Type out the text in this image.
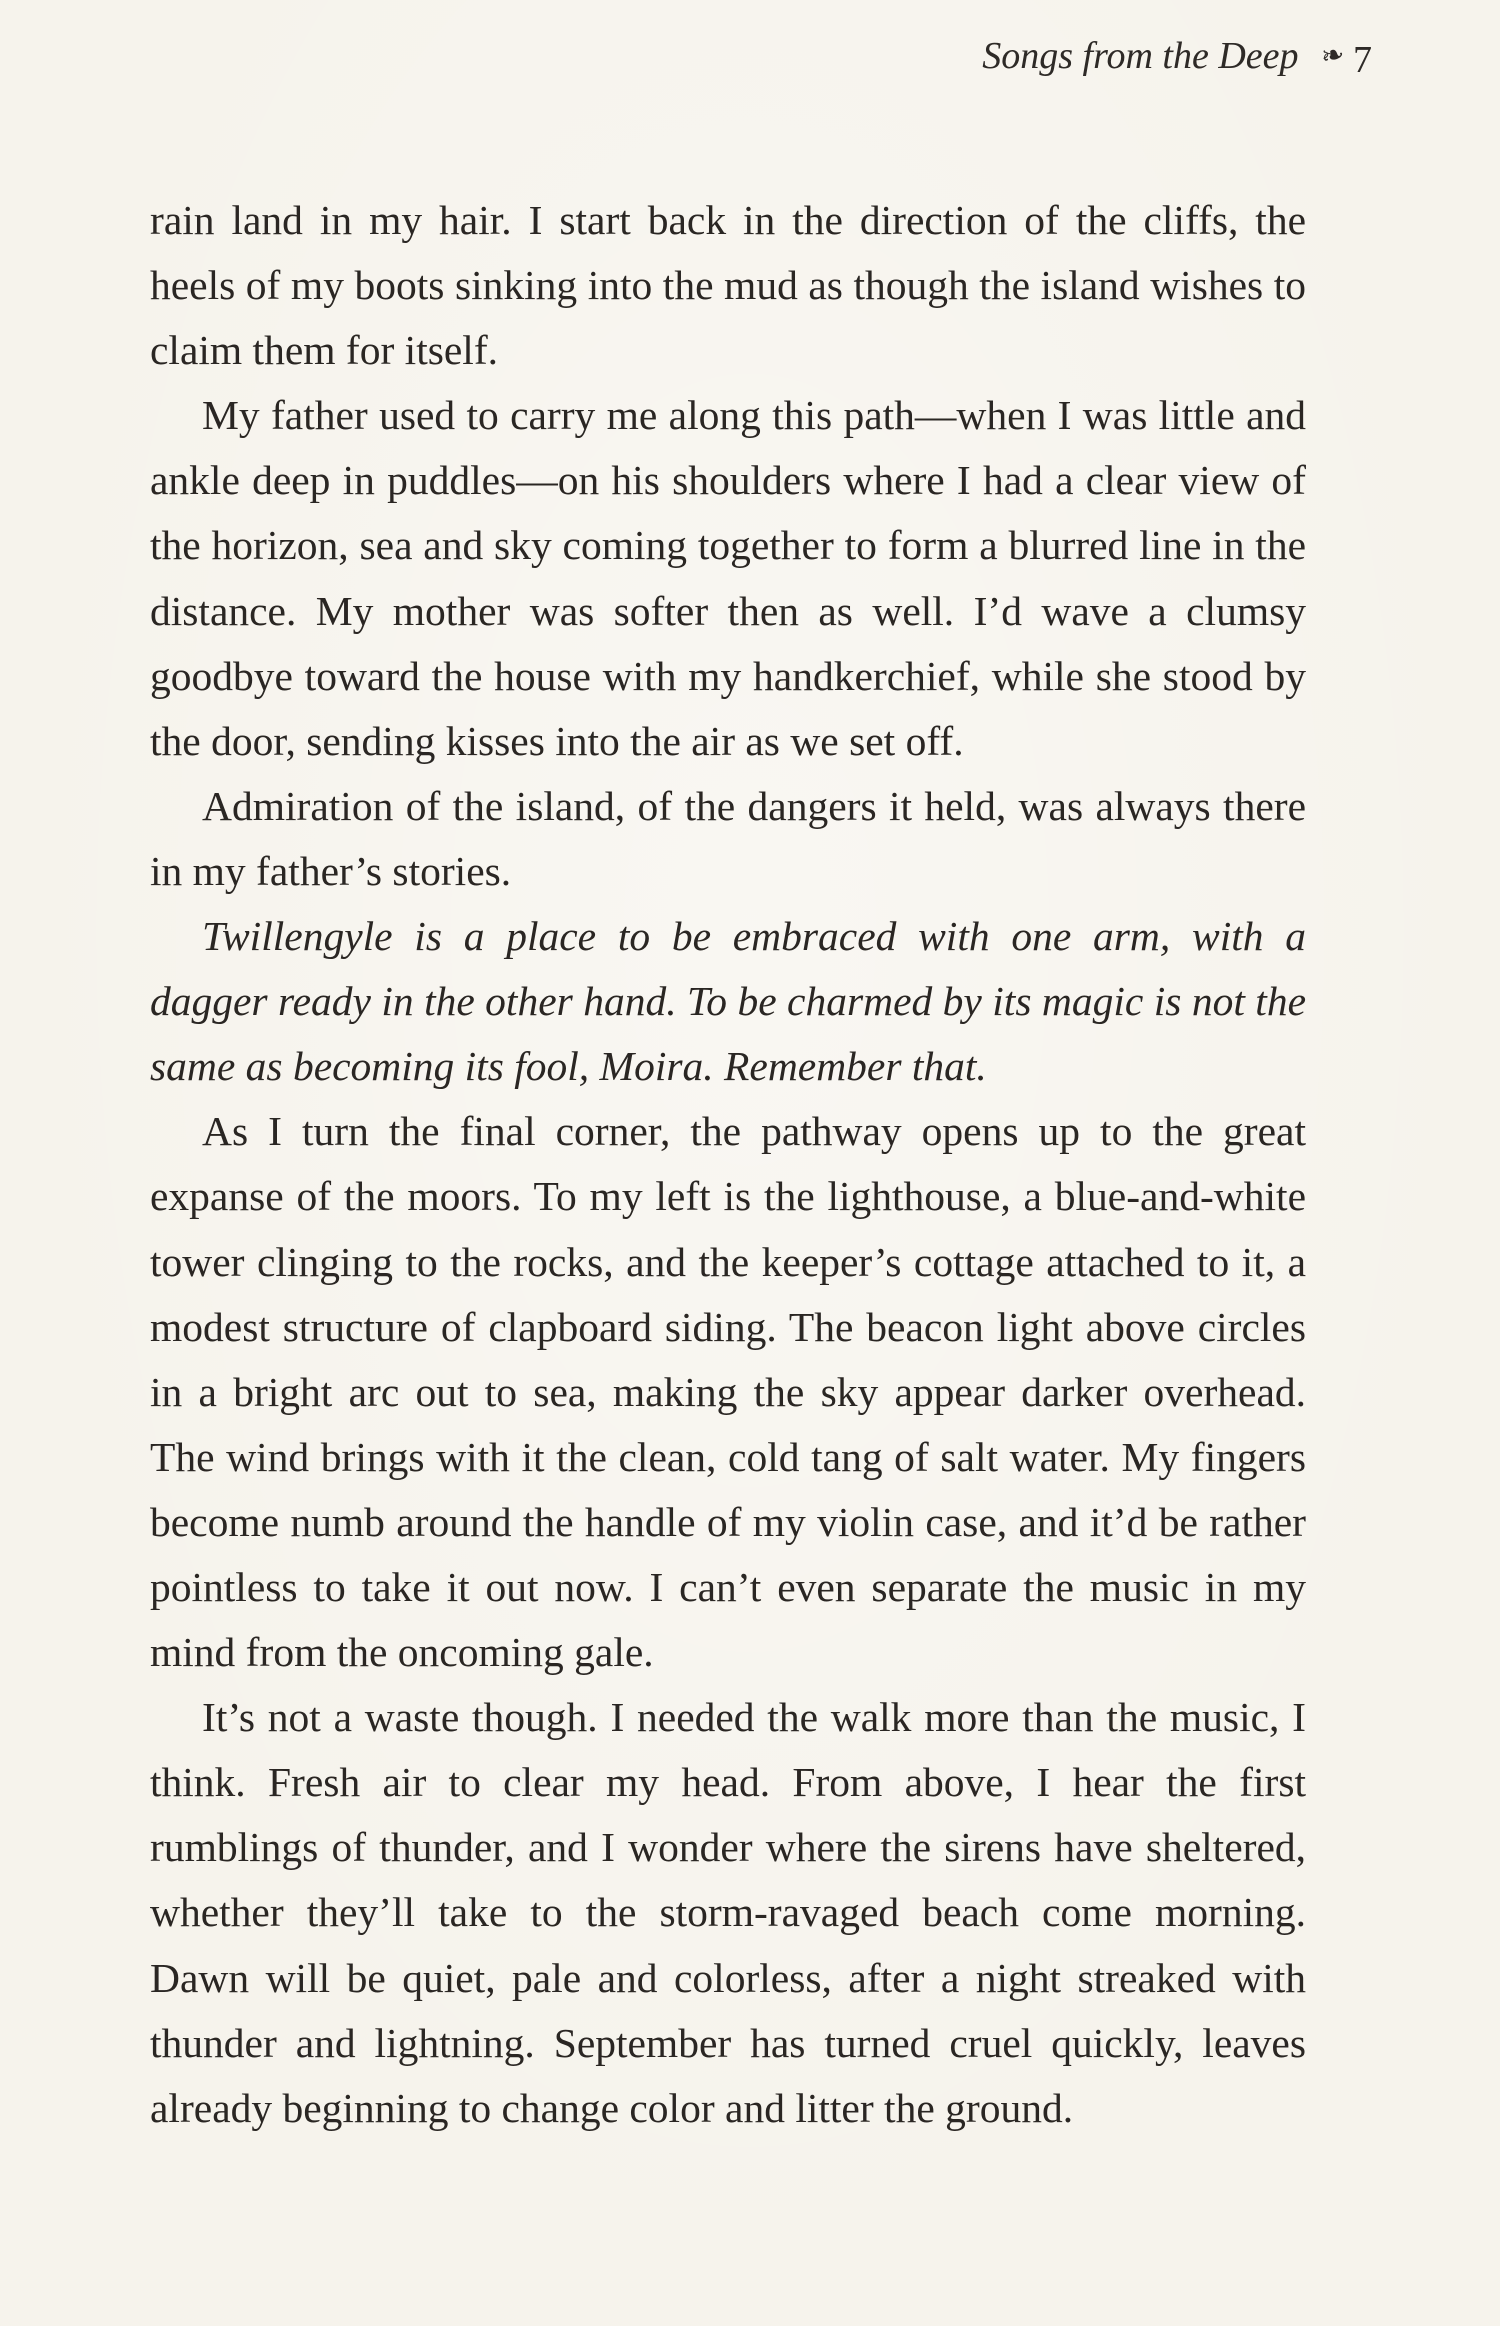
Songs from the Deep ❧ 7

rain land in my hair. I start back in the direction of the cliffs, the heels of my boots sinking into the mud as though the island wishes to claim them for itself.

My father used to carry me along this path—when I was little and ankle deep in puddles—on his shoulders where I had a clear view of the horizon, sea and sky coming together to form a blurred line in the distance. My mother was softer then as well. I’d wave a clumsy goodbye toward the house with my handkerchief, while she stood by the door, sending kisses into the air as we set off.

Admiration of the island, of the dangers it held, was always there in my father’s stories.

Twillengyle is a place to be embraced with one arm, with a dagger ready in the other hand. To be charmed by its magic is not the same as becoming its fool, Moira. Remember that.

As I turn the final corner, the pathway opens up to the great expanse of the moors. To my left is the lighthouse, a blue-and-white tower clinging to the rocks, and the keeper’s cottage attached to it, a modest structure of clapboard siding. The beacon light above circles in a bright arc out to sea, making the sky appear darker overhead. The wind brings with it the clean, cold tang of salt water. My fingers become numb around the handle of my violin case, and it’d be rather pointless to take it out now. I can’t even separate the music in my mind from the oncoming gale.

It’s not a waste though. I needed the walk more than the music, I think. Fresh air to clear my head. From above, I hear the first rumblings of thunder, and I wonder where the sirens have sheltered, whether they’ll take to the storm-ravaged beach come morning. Dawn will be quiet, pale and colorless, after a night streaked with thunder and lightning. September has turned cruel quickly, leaves already beginning to change color and litter the ground.
